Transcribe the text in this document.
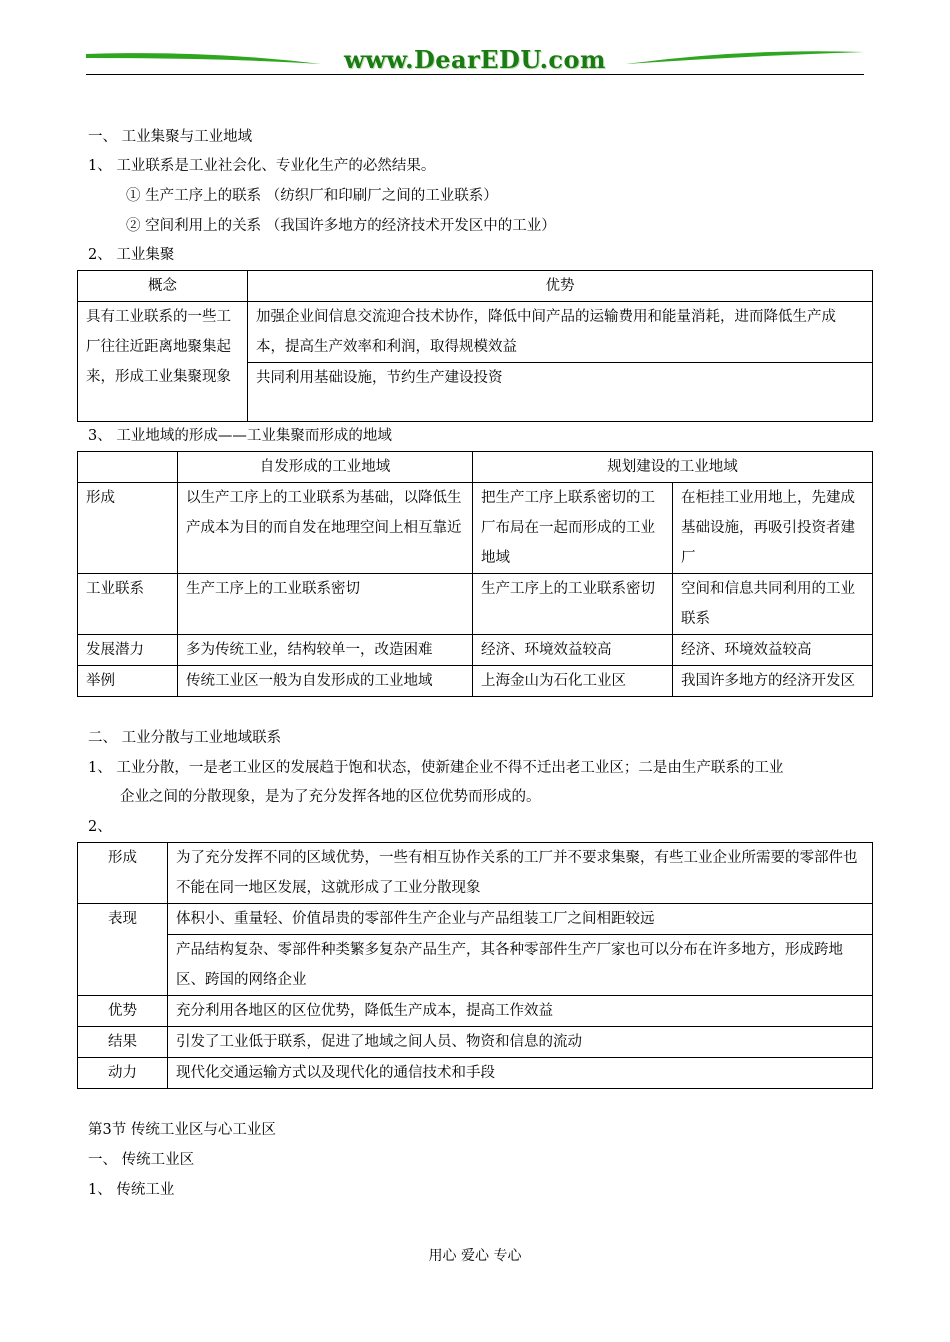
www.DearEDU.com
一、 工业集聚与工业地域
1、 工业联系是工业社会化、专业化生产的必然结果。
① 生产工序上的联系 （纺织厂和印刷厂之间的工业联系）
② 空间利用上的关系 （我国许多地方的经济技术开发区中的工业）
2、 工业集聚
概念	优势
具有工业联系的一些工厂往往近距离地聚集起来，形成工业集聚现象	加强企业间信息交流迎合技术协作，降低中间产品的运输费用和能量消耗，进而降低生产成本，提高生产效率和利润，取得规模效益
	共同利用基础设施，节约生产建设投资
3、 工业地域的形成——工业集聚而形成的地域
	自发形成的工业地域	规划建设的工业地域	
形成	以生产工序上的工业联系为基础，以降低生产成本为目的而自发在地理空间上相互靠近	把生产工序上联系密切的工厂布局在一起而形成的工业地域	在柜挂工业用地上，先建成基础设施，再吸引投资者建厂
工业联系	生产工序上的工业联系密切	生产工序上的工业联系密切	空间和信息共同利用的工业联系
发展潜力	多为传统工业，结构较单一，改造困难	经济、环境效益较高	经济、环境效益较高
举例	传统工业区一般为自发形成的工业地域	上海金山为石化工业区	我国许多地方的经济开发区
二、 工业分散与工业地域联系
1、 工业分散，一是老工业区的发展趋于饱和状态，使新建企业不得不迁出老工业区；二是由生产联系的工业
企业之间的分散现象，是为了充分发挥各地的区位优势而形成的。
2、
形成	为了充分发挥不同的区域优势，一些有相互协作关系的工厂并不要求集聚，有些工业企业所需要的零部件也不能在同一地区发展，这就形成了工业分散现象
表现	体积小、重量轻、价值昂贵的零部件生产企业与产品组装工厂之间相距较远
	产品结构复杂、零部件种类繁多复杂产品生产，其各种零部件生产厂家也可以分布在许多地方，形成跨地区、跨国的网络企业
优势	充分利用各地区的区位优势，降低生产成本，提高工作效益
结果	引发了工业低于联系，促进了地域之间人员、物资和信息的流动
动力	现代化交通运输方式以及现代化的通信技术和手段
第3节 传统工业区与心工业区
一、 传统工业区
1、 传统工业
用心 爱心 专心
